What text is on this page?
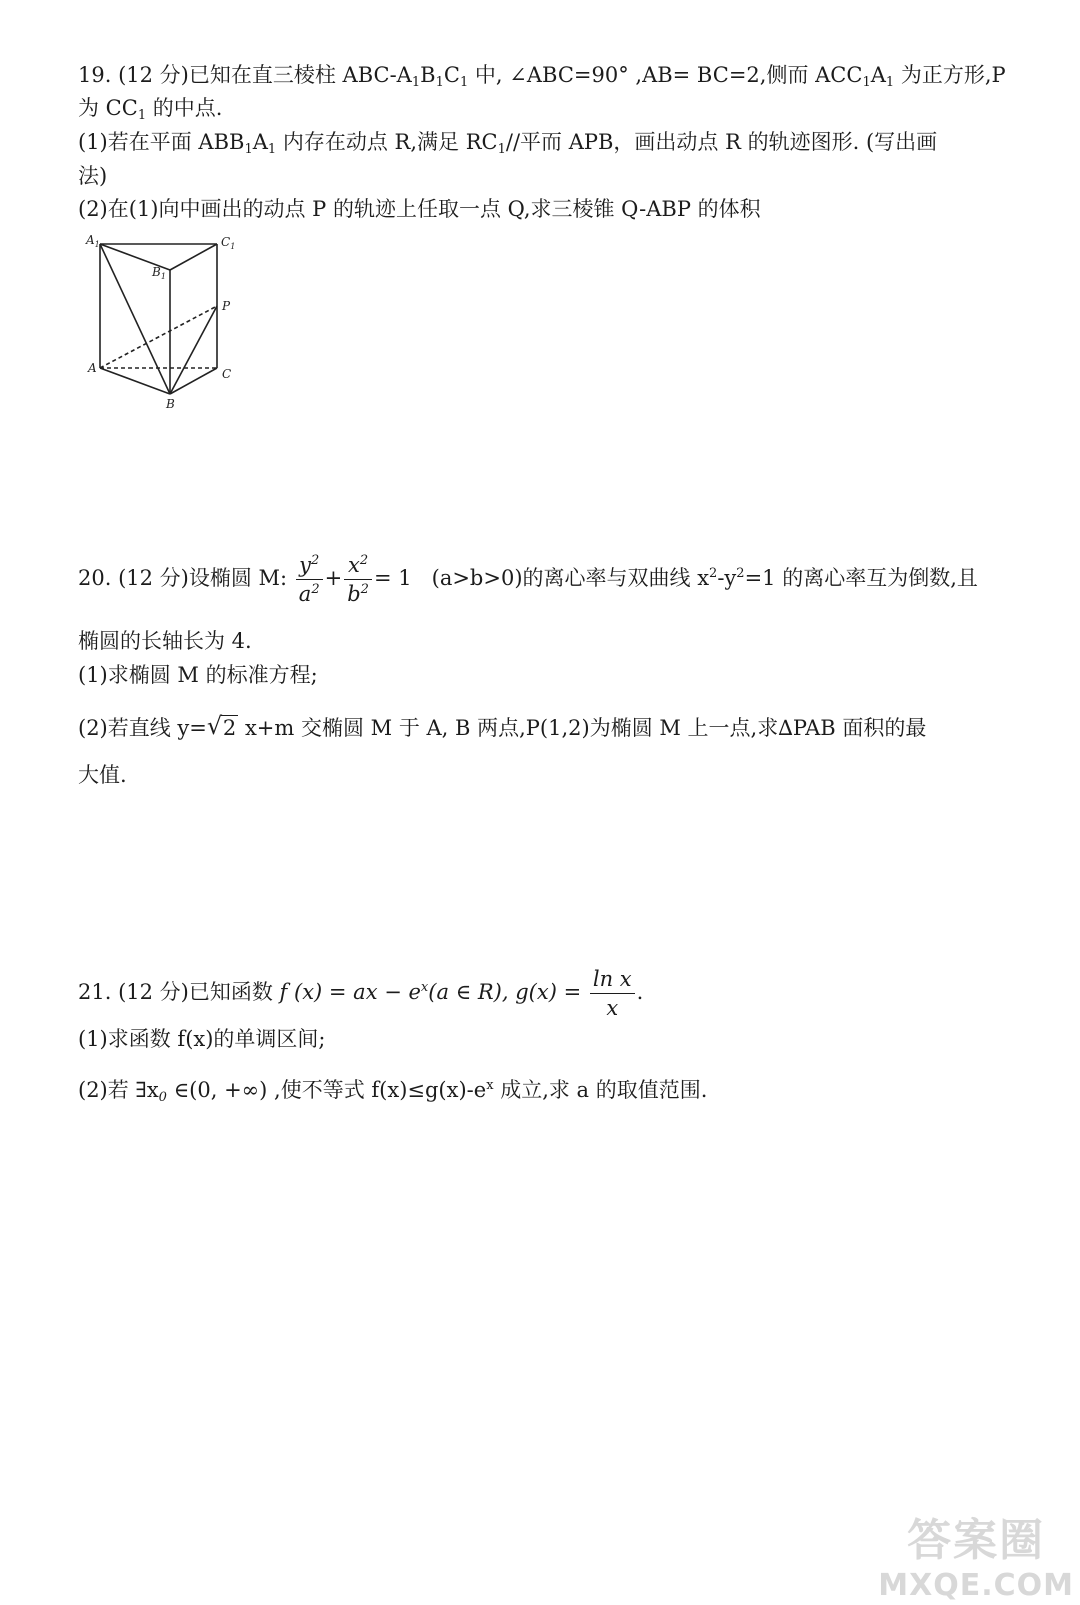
19. (12 分)已知在直三棱柱 ABC-$A_1B_1C_1$ 中, ∠ABC=90° ,AB= BC=2,侧而 $ACC_1A_1$ 为正方形,P
为 $CC_1$ 的中点.
(1)若在平面 $ABB_1A_1$ 内存在动点 R,满足 $RC_1//$平而 APB，画出动点 R 的轨迹图形. (写出画
法)
(2)在(1)向中画出的动点 P 的轨迹上任取一点 Q,求三棱锥 Q-ABP 的体积
$A_1$	$C_1$
$B_1$
P
A	C
B
20. (12 分)设椭圆 M: $\frac{y^2}{a^2} + \frac{x^2}{b^2} = 1$ (a>b>0)的离心率与双曲线 $x^2-y^2=1$ 的离心率互为倒数,且
椭圆的长轴长为 4.
(1)求椭圆 M 的标准方程;
(2)若直线 y= √ 2 x+m 交椭圆 M 于 A, B 两点,P(1,2)为椭圆 M 上一点,求∆PAB 面积的最
大值.
21. (12 分)已知函数 f (x) = ax − $e^x(a$ ∈ R), $g(x) = \frac{\text{ln x}}{x}$ .
(1)求函数 f(x)的单调区间;
(2)若 $\exists x_0$ ∈(0, +∞) ,使不等式 $f(x)\le g(x)-e^x$ 成立,求 a 的取值范围.
答案圈
MXQE.COM
